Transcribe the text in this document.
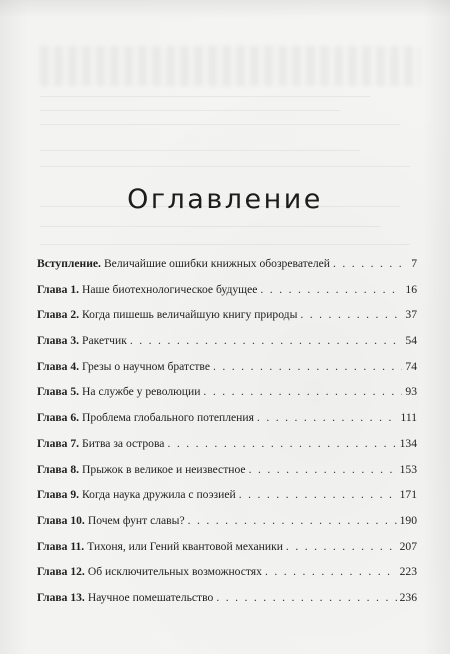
Оглавление
Вступление. Величайшие ошибки книжных обозревателей . . .	7
Глава 1. Наше биотехнологическое будущее . . .	16
Глава 2. Когда пишешь величайшую книгу природы . . .	37
Глава 3. Ракетчик . . .	54
Глава 4. Грезы о научном братстве . . .	74
Глава 5. На службе у революции . . .	93
Глава 6. Проблема глобального потепления . . .	111
Глава 7. Битва за острова . . .	134
Глава 8. Прыжок в великое и неизвестное . . .	153
Глава 9. Когда наука дружила с поэзией . . .	171
Глава 10. Почем фунт славы? . . .	190
Глава 11. Тихоня, или Гений квантовой механики . . .	207
Глава 12. Об исключительных возможностях . . .	223
Глава 13. Научное помешательство . . .	236
